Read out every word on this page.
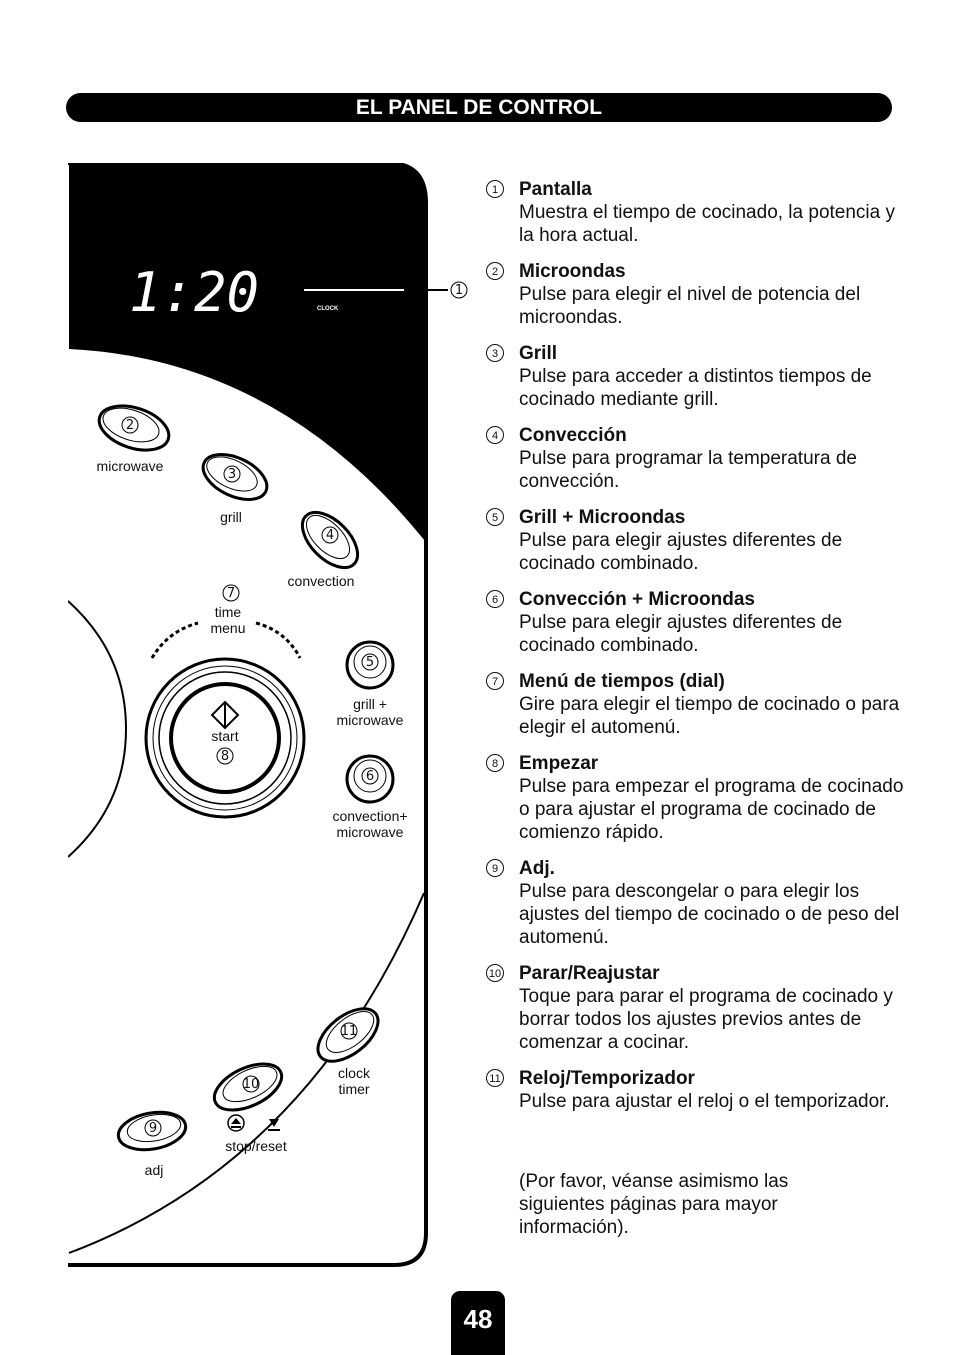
EL PANEL DE CONTROL
1:20	CLOCK
1
2
microwave
3
grill
4
convection
7
time
menu
start
8
5
grill +
microwave
6
convection+
microwave
11
clock
timer
10
stop/reset
9
adj
1	Pantalla
Muestra el tiempo de cocinado, la potencia y la hora actual.
2	Microondas
Pulse para elegir el nivel de potencia del microondas.
3	Grill
Pulse para acceder a distintos tiempos de cocinado mediante grill.
4	Convección
Pulse para programar la temperatura de convección.
5	Grill + Microondas
Pulse para elegir ajustes diferentes de cocinado combinado.
6	Convección + Microondas
Pulse para elegir ajustes diferentes de cocinado combinado.
7	Menú de tiempos (dial)
Gire para elegir el tiempo de cocinado o para elegir el automenú.
8	Empezar
Pulse para empezar el programa de cocinado o para ajustar el programa de cocinado de comienzo rápido.
9	Adj.
Pulse para descongelar o para elegir los ajustes del tiempo de cocinado o de peso del automenú.
10 Parar/Reajustar
Toque para parar el programa de cocinado y borrar todos los ajustes previos antes de comenzar a cocinar.
11 Reloj/Temporizador
Pulse para ajustar el reloj o el temporizador.
(Por favor, véanse asimismo las siguientes páginas para mayor información).
48
